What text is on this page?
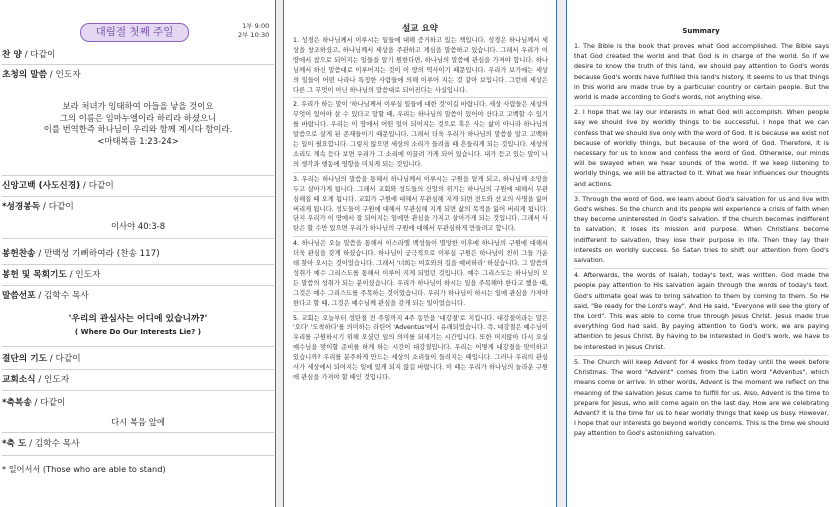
대림절 첫째 주일	1부 9:00
2부 10:30
찬 양 / 다같이
초청의 말씀 / 인도자
보라 처녀가 잉태하여 아들을 낳을 것이요
그의 이름은 임마누엘이라 하리라 하셨으니
이를 번역한즉 하나님이 우리와 함께 계시다 함이라.
<마태복음 1:23-24>
신앙고백 (사도신경) / 다같이
*성경봉독 / 다같이
이사야 40:3-8
봉헌찬송 / 만백성 기뻐하여라 (찬송 117)
봉헌 및 목회기도 / 인도자
말씀선포 / 김학수 목사
'우리의 관심사는 어디에 있습니까?'
( Where Do Our Interests Lie? )
결단의 기도 / 다같이
교회소식 / 인도자
*축복송 / 다같이
다시 복음 앞에
*축 도 / 김학수 목사
* 일어서서 (Those who are able to stand)
설교 요약

1. 성경은 하나님께서 이루시는 일들에 대해 증거하고 있는 책입니다. 성경은 하나님께서 세상을 창조하셨고, 하나님께서 세상을 주관하고 계심을 말씀하고 있습니다. 그래서 우리가 이 땅에서 참으로 되어지는 일들을 알기 원한다면, 하나님의 말씀에 관심을 가져야 합니다. 하나님께서 하신 말씀대로 이루어지는 것이 이 땅의 역사이기 때문입니다. 우리가 보기에는 세상의 일들이 어떤 나라나 특정한 사람들에 의해 이루어 지는 것 같아 보입니다. 그런데 세상은 다른 그 무엇이 아닌 하나님의 말씀대로 되어진다는 사실입니다.

2. 우리가 하는 말이 '하나님께서 이루실 일들에 대한 것'이길 바랍니다. 세상 사람들은 세상의 무엇이 있어야 살 수 있다고 말할 때, 우리는 하나님의 말씀이 있어야 산다고 고백할 수 있기를 바랍니다. 우리는 이 땅에서 어떤 일이 되어지는 것으로 혹은 사는 삶이 아니라 하나님의 말씀으로 살게 된 존재들이기 때문입니다. 그래서 더욱 우리가 하나님의 말씀을 알고 고백하는 일이 필요합니다. 그렇지 않으면 세상의 소리가 들려올 때 흔들리게 되는 것입니다. 세상의 소리도 계속 듣다 보면 우리가 그 소리에 이끌려 가게 되어 있습니다. 내가 듣고 있는 말이 나의 생각과 행동에 영향을 미치게 되는 것입니다.

3. 우리는 하나님의 말씀을 통해서 하나님께서 이루시는 구원을 알게 되고, 하나님께 소망을 두고 살아가게 됩니다. 그래서 교회와 성도들의 신앙의 위기는 하나님의 구원에 대해서 무관심해질 때 오게 됩니다. 교회가 구원에 대해서 무관심해 지게 되면 전도와 선교의 사명을 잃어 버리게 됩니다. 성도들이 구원에 대해서 무관심해 지게 되면 삶의 목적을 잃어 버리게 됩니다. 단지 우리가 이 땅에서 잘 되어지는 일에만 관심을 가지고 살아가게 되는 것입니다. 그래서 사탄은 할 수만 있으면 우리가 하나님의 구원에 대해서 무관심하게 만들려고 합니다.

4. 하나님은 오늘 말씀을 통해서 이스라엘 백성들이 멸망한 이후에 하나님의 구원에 대해서 더욱 관심을 갖게 하셨습니다. 하나님이 궁극적으로 이루실 구원은 하나님이 친히 그들 가운데 찾아 오시는 것이었습니다. 그래서 '너희는 여호와의 길을 예비하라' 하셨습니다. 그 말씀의 성취가 예수 그리스도를 통해서 이루어 지게 되었던 것입니다. 예수 그리스도는 하나님의 모든 말씀의 성취가 되는 분이셨습니다. 우리가 하나님이 하시는 일을 주목해야 한다고 했을 때, 그것은 예수 그리스도를 주목하는 것이었습니다. 우리가 하나님이 하시는 일에 관심을 가져야 한다고 할 때, 그것은 예수님께 관심을 갖게 되는 일이었습니다.

5. 교회는 오늘부터 성탄절 전 주일까지 4주 동안을 '대강절'로 지킵니다. 대강절이라는 말은 '오다' '도착하다'를 의미하는 라틴어 'Adventus'에서 유래되었습니다. 즉, 대강절은 예수님이 우리를 구원하시기 위해 오셨던 일의 의미를 되새기는 시간입니다. 또한 머지않아 다시 오실 예수님을 맞이할 준비를 하게 하는 시간이 대강절입니다. 우리는 어떻게 대강절을 맞이하고 있습니까? 우리를 분주하게 만드는 세상의 소리들이 들려지는 때입니다. 그러나 우리의 관심사가 세상에서 되어지는 일에 있게 되지 않길 바랍니다. 이 때는 우리가 하나님의 놀라운 구원에 관심을 가져야 할 때인 것입니다.

Summary

1. The Bible is the book that proves what God accomplished. The Bible says that God created the world and that God is in charge of the world. So if we desire to know the truth of this land, we should pay attention to God's words because God's words have fulfilled this land's history. It seems to us that things in this world are made true by a particular country or certain people. But the world is made according to God's words, not anything else.

2. I hope that we lay our interests in what God will accomplish. When people say we should live by worldly things to be successful, I hope that we can confess that we should live only with the word of God. It is because we exist not because of worldly things, but because of the word of God. Therefore, it is necessary for us to know and confess the word of God. Otherwise, our minds will be swayed when we hear sounds of the world. If we keep listening to worldly things, we will be attracted to it. What we hear influences our thoughts and actions.

3. Through the word of God, we learn about God's salvation for us and live with God's wishes. So the church and its people will experience a crisis of faith when they become uninterested in God's salvation. If the church becomes indifferent to salvation, it loses its mission and purpose. When Christians become indifferent to salvation, they lose their purpose in life. Then they lay their interests on worldly success. So Satan tries to shift our attention from God's salvation.

4. Afterwards, the words of Isaiah, today's text, was written. God made the people pay attention to His salvation again through the words of today's text. God's ultimate goal was to bring salvation to them by coming to them. So He said, "Be ready for the Lord's way". And He said, "Everyone will see the glory of the Lord". This was able to come true through Jesus Christ. Jesus made true everything God had said. By paying attention to God's work, we are paying attention to Jesus Christ. By having to be interested in God's work, we have to be interested in Jesus Christ.

5. The Church will keep Advent for 4 weeks from today until the week before Christmas. The word "Advent" comes from the Latin word "Adventus", which means come or arrive. In other words, Advent is the moment we reflect on the meaning of the salvation Jesus came to fulfill for us. Also, Advent is the time to prepare for Jesus, who will come again on the last day. How are we celebrating Advent? It is the time for us to hear worldly things that keep us busy. However, I hope that our interests go beyond worldly concerns. This is the time we should pay attention to God's astonishing salvation.
